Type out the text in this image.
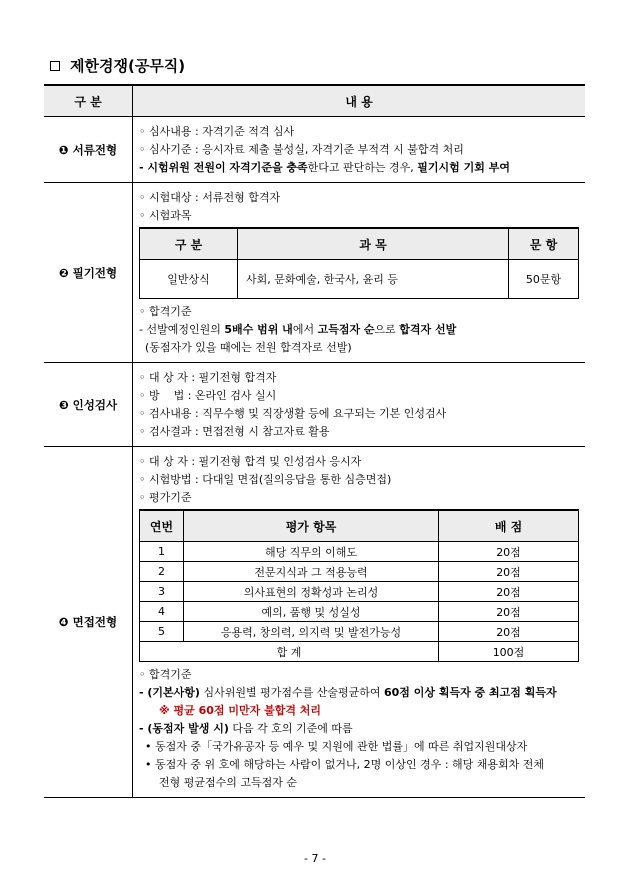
제한경쟁(공무직)
구 분	내 용
❶ 서류전형	
◦ 심사내용 : 자격기준 적격 심사
◦ 심사기준 : 응시자료 제출 불성실, 자격기준 부적격 시 불합격 처리
- 시험위원 전원이 자격기준을 충족한다고 판단하는 경우, 필기시험 기회 부여

❷ 필기전형	
◦ 시험대상 : 서류전형 합격자
◦ 시험과목
구 분	과 목	문 항
일반상식	사회, 문화예술, 한국사, 윤리 등	50문항
◦ 합격기준
- 선발예정인원의 5배수 범위 내에서 고득점자 순으로 합격자 선발
(동점자가 있을 때에는 전원 합격자로 선발)

❸ 인성검사	
◦ 대 상 자 : 필기전형 합격자
◦ 방    법 : 온라인 검사 실시
◦ 검사내용 : 직무수행 및 직장생활 등에 요구되는 기본 인성검사
◦ 검사결과 : 면접전형 시 참고자료 활용

❹ 면접전형	
◦ 대 상 자 : 필기전형 합격 및 인성검사 응시자
◦ 시험방법 : 다대일 면접(질의응답을 통한 심층면접)
◦ 평가기준
연번	평가 항목	배 점
1	해당 직무의 이해도	20점
2	전문지식과 그 적용능력	20점
3	의사표현의 정확성과 논리성	20점
4	예의, 품행 및 성실성	20점
5	응용력, 창의력, 의지력 및 발전가능성	20점
합 계	100점
◦ 합격기준
- (기본사항) 심사위원별 평가점수를 산술평균하여 60점 이상 획득자 중 최고점 획득자
※ 평균 60점 미만자 불합격 처리
- (동점자 발생 시) 다음 각 호의 기준에 따름
• 동점자 중「국가유공자 등 예우 및 지원에 관한 법률」에 따른 취업지원대상자
• 동점자 중 위 호에 해당하는 사람이 없거나, 2명 이상인 경우 : 해당 채용회차 전체
전형 평균점수의 고득점자 순
- 7 -
